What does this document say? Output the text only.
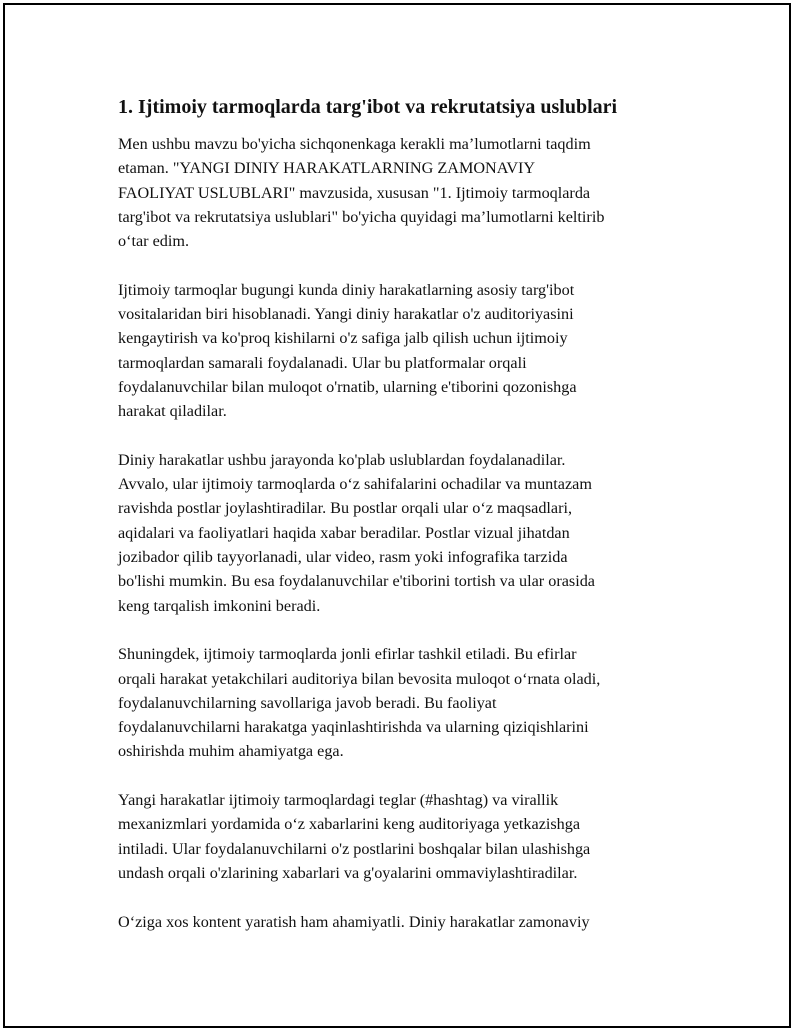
1. Ijtimoiy tarmoqlarda targ'ibot va rekrutatsiya uslublari
Men ushbu mavzu bo'yicha sichqonenkaga kerakli ma’lumotlarni taqdim
etaman. "YANGI DINIY HARAKATLARNING ZAMONAVIY
FAOLIYAT USLUBLARI" mavzusida, xususan "1. Ijtimoiy tarmoqlarda
targ'ibot va rekrutatsiya uslublari" bo'yicha quyidagi ma’lumotlarni keltirib
o‘tar edim.
Ijtimoiy tarmoqlar bugungi kunda diniy harakatlarning asosiy targ'ibot
vositalaridan biri hisoblanadi. Yangi diniy harakatlar o'z auditoriyasini
kengaytirish va ko'proq kishilarni o'z safiga jalb qilish uchun ijtimoiy
tarmoqlardan samarali foydalanadi. Ular bu platformalar orqali
foydalanuvchilar bilan muloqot o'rnatib, ularning e'tiborini qozonishga
harakat qiladilar.
Diniy harakatlar ushbu jarayonda ko'plab uslublardan foydalanadilar.
Avvalo, ular ijtimoiy tarmoqlarda o‘z sahifalarini ochadilar va muntazam
ravishda postlar joylashtiradilar. Bu postlar orqali ular o‘z maqsadlari,
aqidalari va faoliyatlari haqida xabar beradilar. Postlar vizual jihatdan
jozibador qilib tayyorlanadi, ular video, rasm yoki infografika tarzida
bo'lishi mumkin. Bu esa foydalanuvchilar e'tiborini tortish va ular orasida
keng tarqalish imkonini beradi.
Shuningdek, ijtimoiy tarmoqlarda jonli efirlar tashkil etiladi. Bu efirlar
orqali harakat yetakchilari auditoriya bilan bevosita muloqot o‘rnata oladi,
foydalanuvchilarning savollariga javob beradi. Bu faoliyat
foydalanuvchilarni harakatga yaqinlashtirishda va ularning qiziqishlarini
oshirishda muhim ahamiyatga ega.
Yangi harakatlar ijtimoiy tarmoqlardagi teglar (#hashtag) va virallik
mexanizmlari yordamida o‘z xabarlarini keng auditoriyaga yetkazishga
intiladi. Ular foydalanuvchilarni o'z postlarini boshqalar bilan ulashishga
undash orqali o'zlarining xabarlari va g'oyalarini ommaviylashtiradilar.
O‘ziga xos kontent yaratish ham ahamiyatli. Diniy harakatlar zamonaviy
